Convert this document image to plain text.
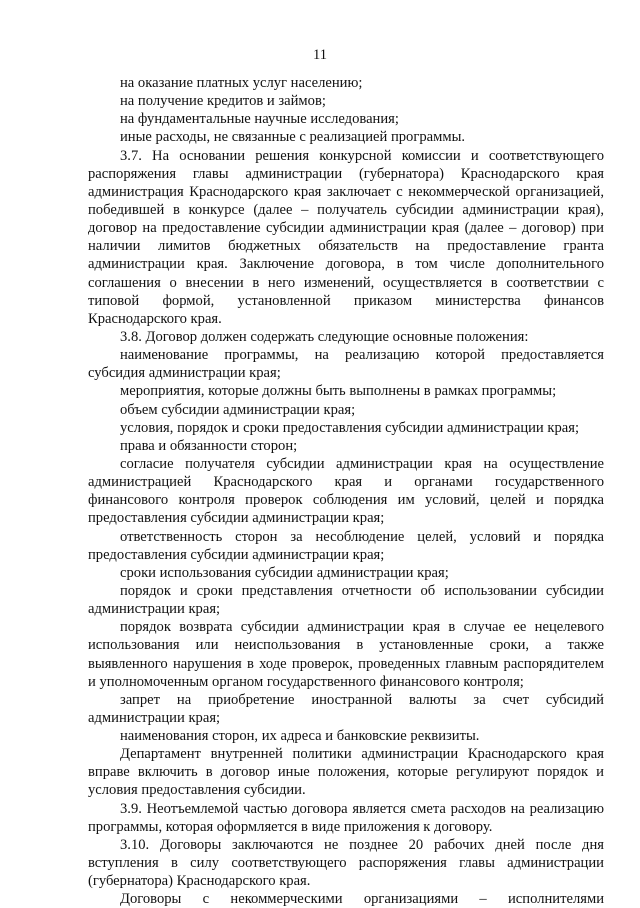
11
на оказание платных услуг населению;
на получение кредитов и займов;
на фундаментальные научные исследования;
иные расходы, не связанные с реализацией программы.
3.7. На основании решения конкурсной комиссии и соответствующего
распоряжения главы администрации (губернатора) Краснодарского края
администрация Краснодарского края заключает с некоммерческой организацией,
победившей в конкурсе (далее – получатель субсидии администрации края),
договор на предоставление субсидии администрации края (далее – договор) при
наличии лимитов бюджетных обязательств на предоставление гранта
администрации края. Заключение договора, в том числе дополнительного
соглашения о внесении в него изменений, осуществляется в соответствии с
типовой формой, установленной приказом министерства финансов
Краснодарского края.
3.8. Договор должен содержать следующие основные положения:
наименование программы, на реализацию которой предоставляется
субсидия администрации края;
мероприятия, которые должны быть выполнены в рамках программы;
объем субсидии администрации края;
условия, порядок и сроки предоставления субсидии администрации края;
права и обязанности сторон;
согласие получателя субсидии администрации края на осуществление
администрацией Краснодарского края и органами государственного
финансового контроля проверок соблюдения им условий, целей и порядка
предоставления субсидии администрации края;
ответственность сторон за несоблюдение целей, условий и порядка
предоставления субсидии администрации края;
сроки использования субсидии администрации края;
порядок и сроки представления отчетности об использовании субсидии
администрации края;
порядок возврата субсидии администрации края в случае ее нецелевого
использования или неиспользования в установленные сроки, а также
выявленного нарушения в ходе проверок, проведенных главным распорядителем
и уполномоченным органом государственного финансового контроля;
запрет на приобретение иностранной валюты за счет субсидий
администрации края;
наименования сторон, их адреса и банковские реквизиты.
Департамент внутренней политики администрации Краснодарского края
вправе включить в договор иные положения, которые регулируют порядок и
условия предоставления субсидии.
3.9. Неотъемлемой частью договора является смета расходов на реализацию
программы, которая оформляется в виде приложения к договору.
3.10. Договоры заключаются не позднее 20 рабочих дней после дня
вступления в силу соответствующего распоряжения главы администрации
(губернатора) Краснодарского края.
Договоры с некоммерческими организациями – исполнителями
